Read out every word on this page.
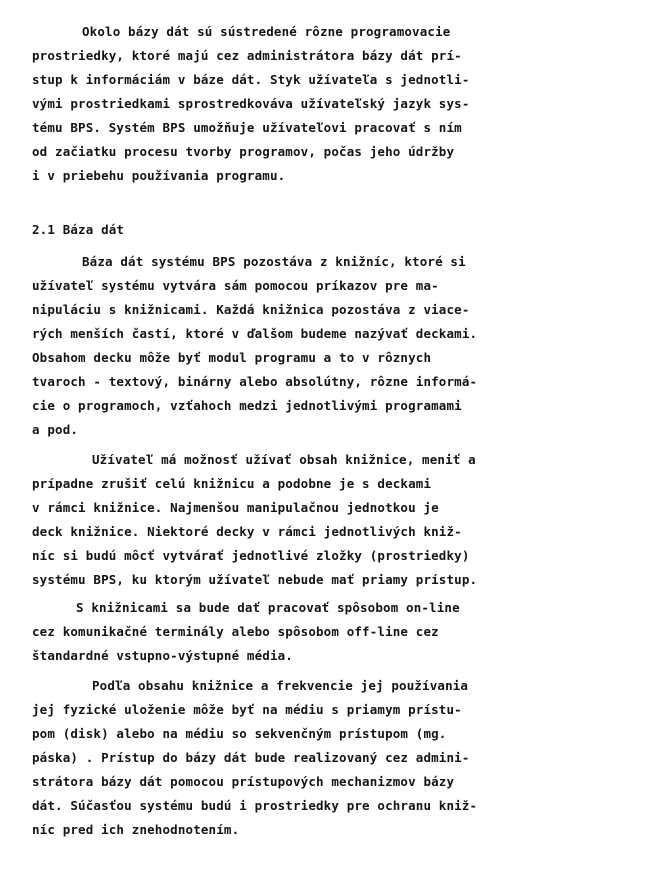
Okolo bázy dát sú sústredené rôzne programovacie

prostriedky, ktoré majú cez administrátora bázy dát prí-

stup k informáciám v báze dát. Styk užívateľa s jednotli-

vými prostriedkami sprostredkováva užívateľský jazyk sys-

tému BPS. Systém BPS umožňuje užívateľovi pracovať s ním

od začiatku procesu tvorby programov, počas jeho údržby

i v priebehu používania programu.

2.1 Báza dát

Báza dát systému BPS pozostáva z knižníc, ktoré si

užívateľ systému vytvára sám pomocou príkazov pre ma-

nipuláciu s knižnicami. Každá knižnica pozostáva z viace-

rých menších častí, ktoré v ďalšom budeme nazývať deckami.

Obsahom decku môže byť modul programu a to v rôznych

tvaroch - textový, binárny alebo absolútny, rôzne informá-

cie o programoch, vzťahoch medzi jednotlivými programami

a pod.

Užívateľ má možnosť užívať obsah knižnice, meniť a

prípadne zrušiť celú knižnicu a podobne je s deckami

v rámci knižnice. Najmenšou manipulačnou jednotkou je

deck knižnice. Niektoré decky v rámci jednotlivých kniž-

níc si budú môcť vytvárať jednotlivé zložky (prostriedky)

systému BPS, ku ktorým užívateľ nebude mať priamy prístup.

S knižnicami sa bude dať pracovať spôsobom on-line

cez komunikačné terminály alebo spôsobom off-line cez

štandardné vstupno-výstupné média.

Podľa obsahu knižnice a frekvencie jej používania

jej fyzické uloženie môže byť na médiu s priamym prístu-

pom (disk) alebo na médiu so sekvenčným prístupom (mg.

páska) . Prístup do bázy dát bude realizovaný cez admini-

strátora bázy dát pomocou prístupových mechanizmov bázy

dát. Súčasťou systému budú i prostriedky pre ochranu kniž-

níc pred ich znehodnotením.
